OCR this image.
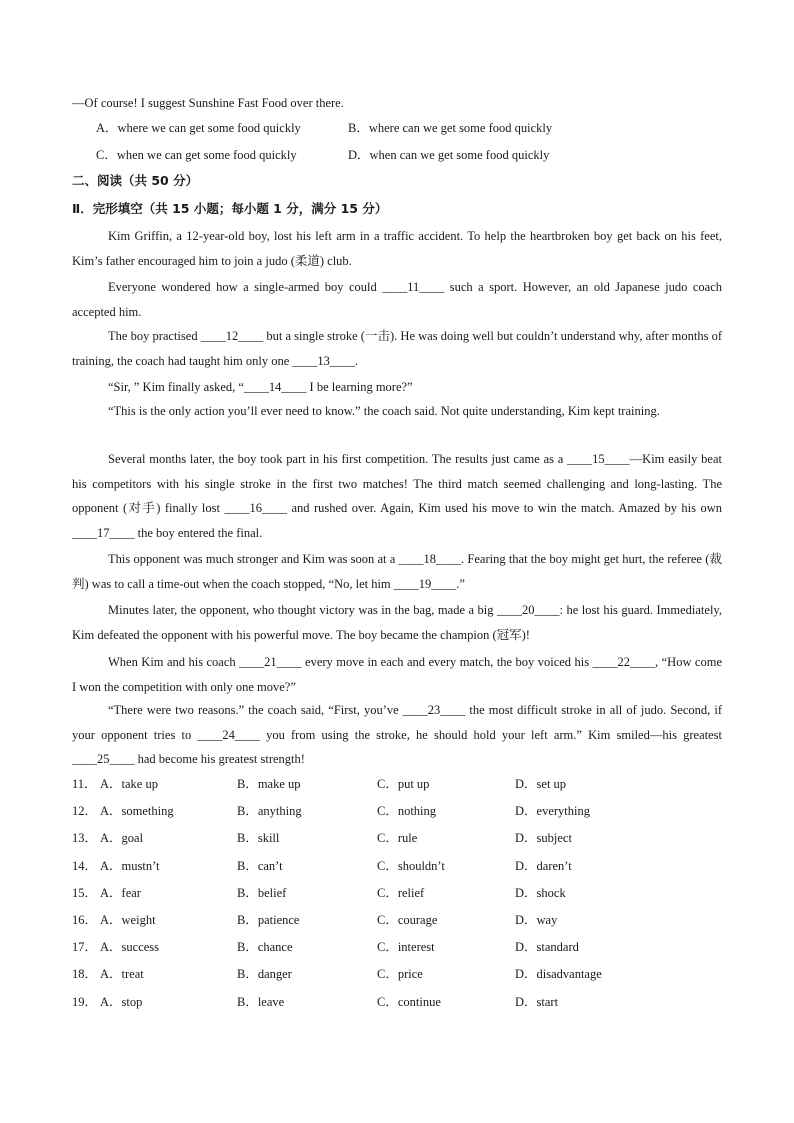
—Of course! I suggest Sunshine Fast Food over there.
A．where we can get some food quickly	B．where can we get some food quickly
C．when we can get some food quickly	D．when can we get some food quickly
二、阅读（共 50 分）
Ⅱ．完形填空（共 15 小题；每小题 1 分，满分 15 分）

Kim Griffin, a 12-year-old boy, lost his left arm in a traffic accident. To help the heartbroken boy get back on his feet, Kim’s father encouraged him to join a judo (柔道) club.

Everyone wondered how a single-armed boy could ____11____ such a sport. However, an old Japanese judo coach accepted him.

The boy practised ____12____ but a single stroke (一击). He was doing well but couldn’t understand why, after months of training, the coach had taught him only one ____13____.

“Sir, ” Kim finally asked, “____14____ I be learning more?”

“This is the only action you’ll ever need to know.” the coach said. Not quite understanding, Kim kept training.

Several months later, the boy took part in his first competition. The results just came as a ____15____—Kim easily beat his competitors with his single stroke in the first two matches! The third match seemed challenging and long-lasting. The opponent (对手) finally lost ____16____ and rushed over. Again, Kim used his move to win the match. Amazed by his own ____17____ the boy entered the final.

This opponent was much stronger and Kim was soon at a ____18____. Fearing that the boy might get hurt, the referee (裁判) was to call a time-out when the coach stopped, “No, let him ____19____.”

Minutes later, the opponent, who thought victory was in the bag, made a big ____20____: he lost his guard. Immediately, Kim defeated the opponent with his powerful move. The boy became the champion (冠军)!

When Kim and his coach ____21____ every move in each and every match, the boy voiced his ____22____, “How come I won the competition with only one move?”

“There were two reasons.” the coach said, “First, you’ve ____23____ the most difficult stroke in all of judo. Second, if your opponent tries to ____24____ you from using the stroke, he should hold your left arm.” Kim smiled—his greatest ____25____ had become his greatest strength!

11． A．take up	B．make up	C．put up	D．set up
12． A．something	B．anything	C．nothing	D．everything
13． A．goal	B．skill	C．rule	D．subject
14． A．mustn’t	B．can’t	C．shouldn’t	D．daren’t
15． A．fear	B．belief	C．relief	D．shock
16． A．weight	B．patience	C．courage	D．way
17． A．success	B．chance	C．interest	D．standard
18． A．treat	B．danger	C．price	D．disadvantage
19． A．stop	B．leave	C．continue	D．start
